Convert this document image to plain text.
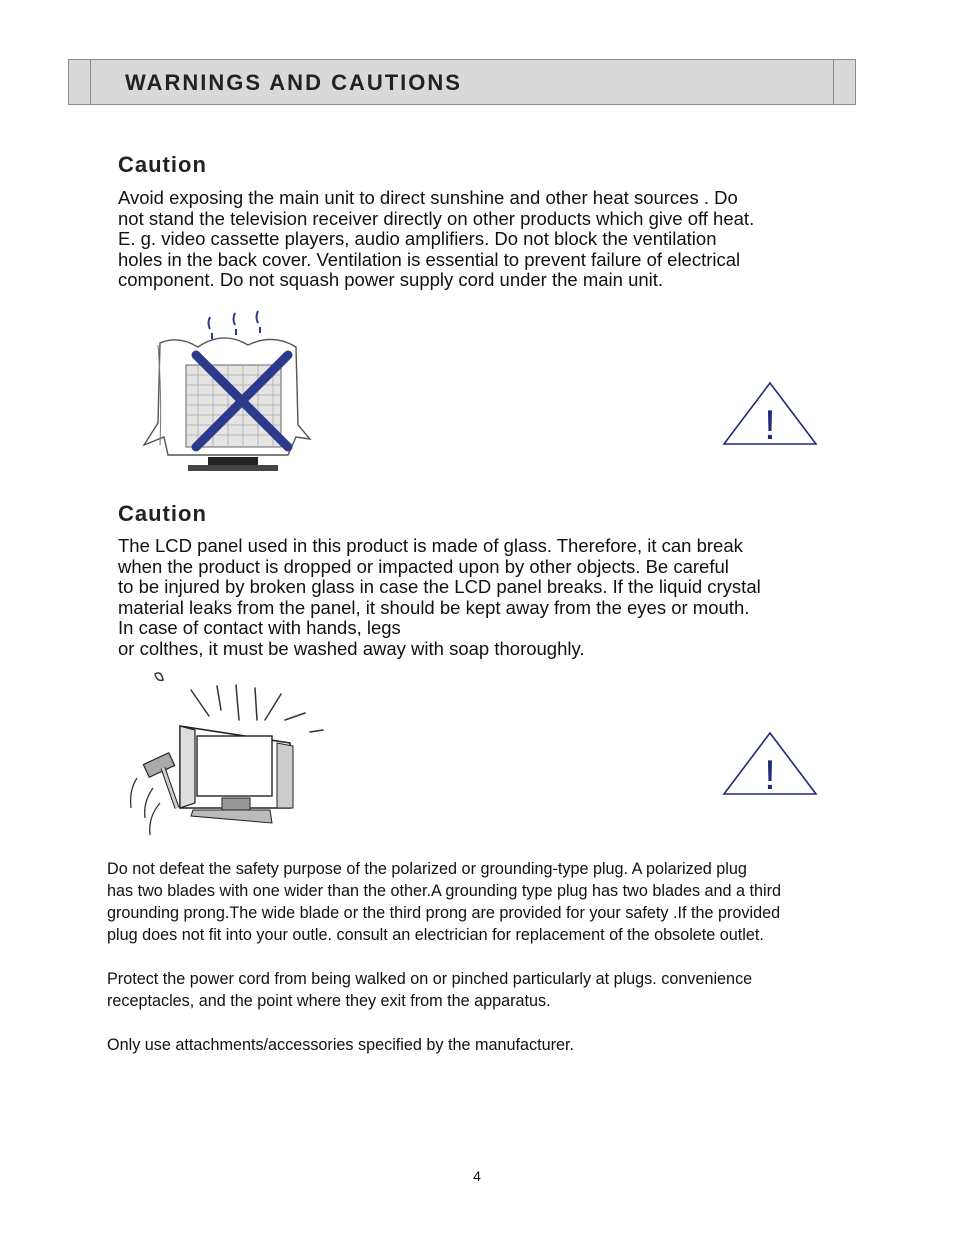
WARNINGS AND CAUTIONS
Caution
Avoid exposing the main unit to direct sunshine and other heat sources . Do
not stand the television receiver directly on other products which give off heat.
E. g. video cassette players, audio amplifiers. Do not block the ventilation
holes in the back cover. Ventilation is essential to prevent failure of electrical
component. Do not squash power supply cord under the main unit.
!
Caution
The LCD panel used in this product is made of glass. Therefore, it can break
when the product is dropped or impacted upon by other objects. Be careful
to be injured by broken glass in case the LCD panel breaks. If the liquid crystal
material leaks from the panel, it should be kept away from the eyes or mouth.
In case of contact with hands, legs
or colthes, it must be washed away with soap thoroughly.
!
Do not defeat the safety purpose of the polarized or grounding-type plug. A polarized plug
has two blades with one wider than the other.A grounding type plug has two blades and a third
grounding prong.The wide blade or the third prong are provided for your safety .If the provided
plug does not fit into your outle. consult an electrician for replacement of the obsolete outlet.
Protect the power cord from being walked on or pinched particularly at plugs. convenience
receptacles, and the point where they exit from the apparatus.
Only use attachments/accessories specified by the manufacturer.
4
